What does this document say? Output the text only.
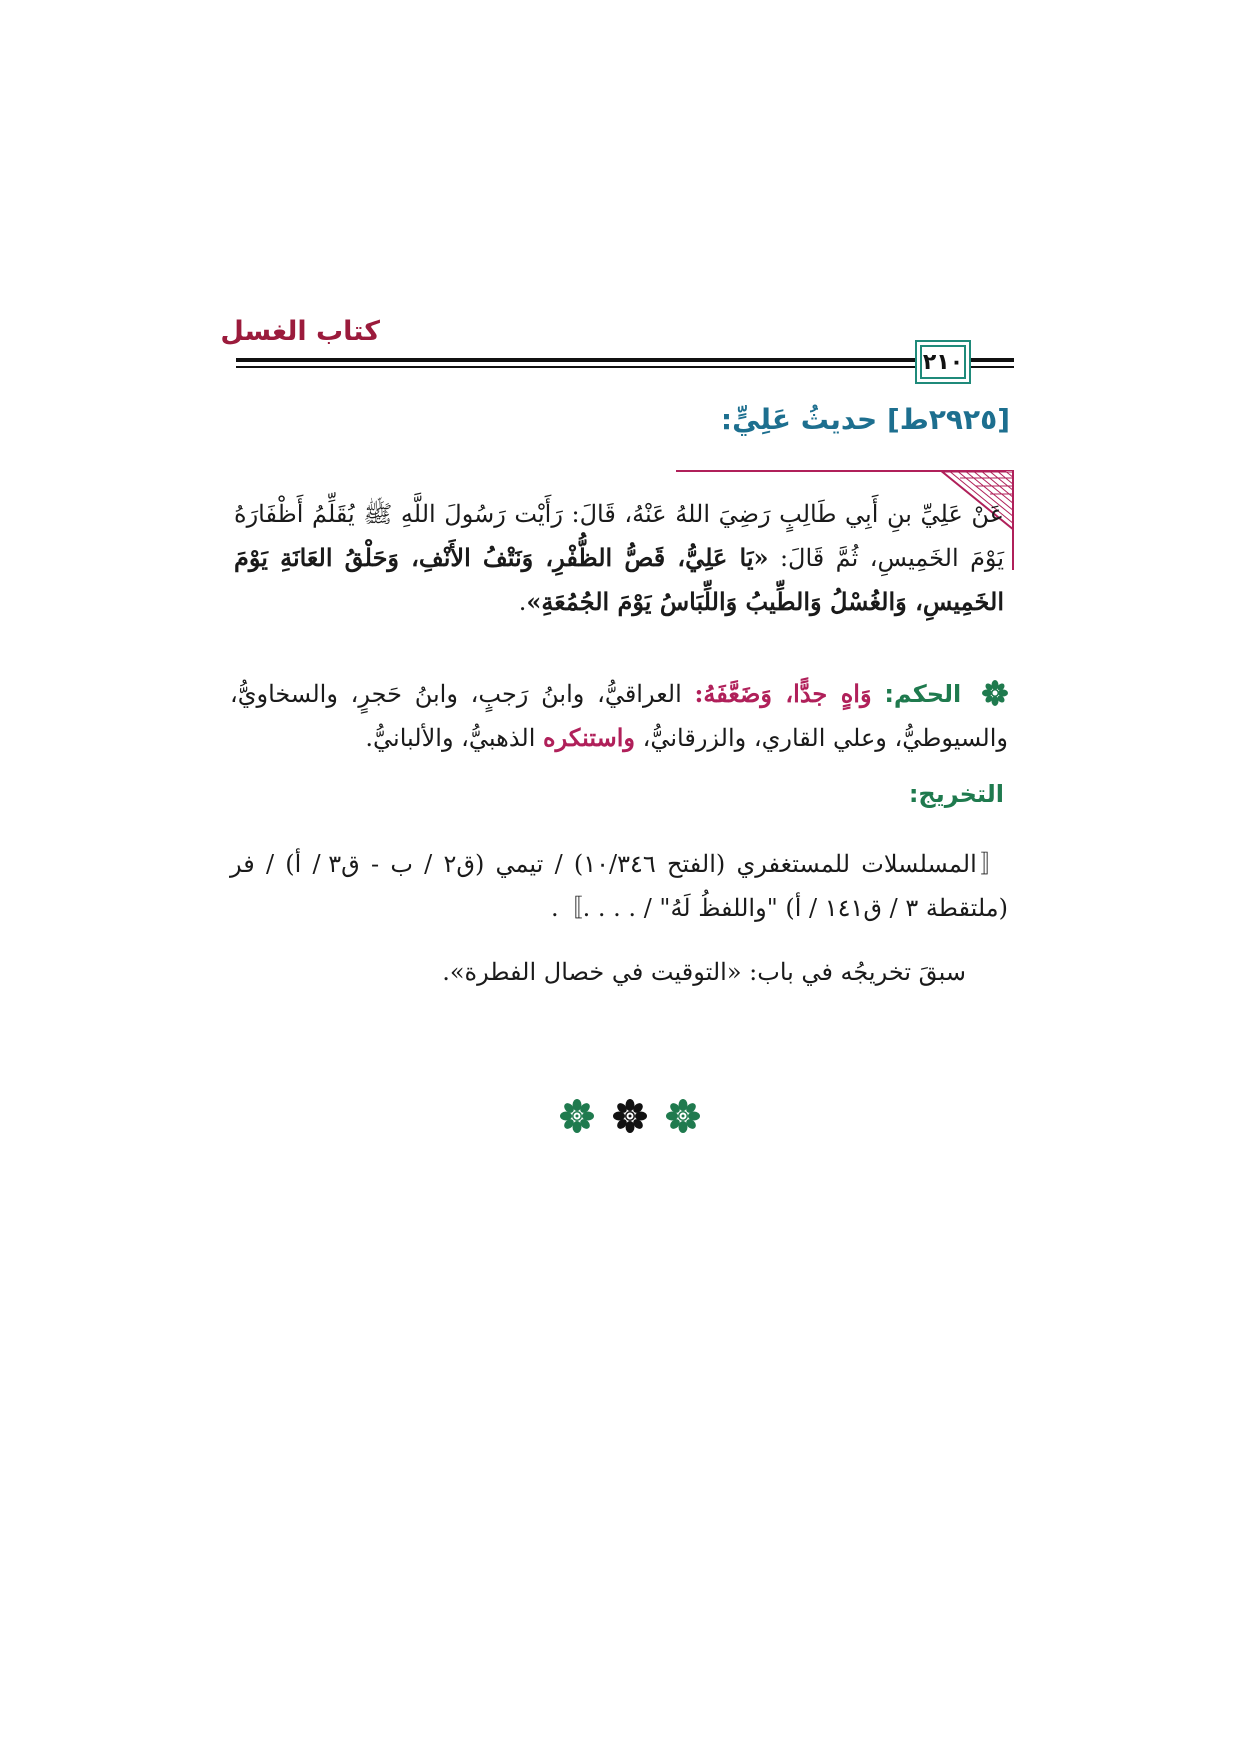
كتاب الغسل
٢١٠
[٢٩٢٥ط] حديثُ عَلِيٍّ:
عَنْ عَلِيِّ بنِ أَبِي طَالِبٍ رَضِيَ اللهُ عَنْهُ، قَالَ: رَأَيْت رَسُولَ اللَّهِ ﷺ يُقَلِّمُ أَظْفَارَهُ يَوْمَ الخَمِيسِ، ثُمَّ قَالَ: «يَا عَلِيُّ، قَصُّ الظُّفْرِ، وَنَتْفُ الأَنْفِ، وَحَلْقُ العَانَةِ يَوْمَ الخَمِيسِ، وَالغُسْلُ وَالطِّيبُ وَاللِّبَاسُ يَوْمَ الجُمُعَةِ».
الحكم: وَاهٍ جدًّا، وَضَعَّفَهُ: العراقيُّ، وابنُ رَجبٍ، وابنُ حَجرٍ، والسخاويُّ، والسيوطيُّ، وعلي القاري، والزرقانيُّ، واستنكره الذهبيُّ، والألبانيُّ.
التخريج:
〚المسلسلات للمستغفري (الفتح ١٠/٣٤٦) / تيمي (ق٢ / ب - ق٣ / أ) / فر (ملتقطة ٣ / ق١٤١ / أ) "واللفظُ لَهُ" / . . . .〛.
سبقَ تخريجُه في باب: «التوقيت في خصال الفطرة».
